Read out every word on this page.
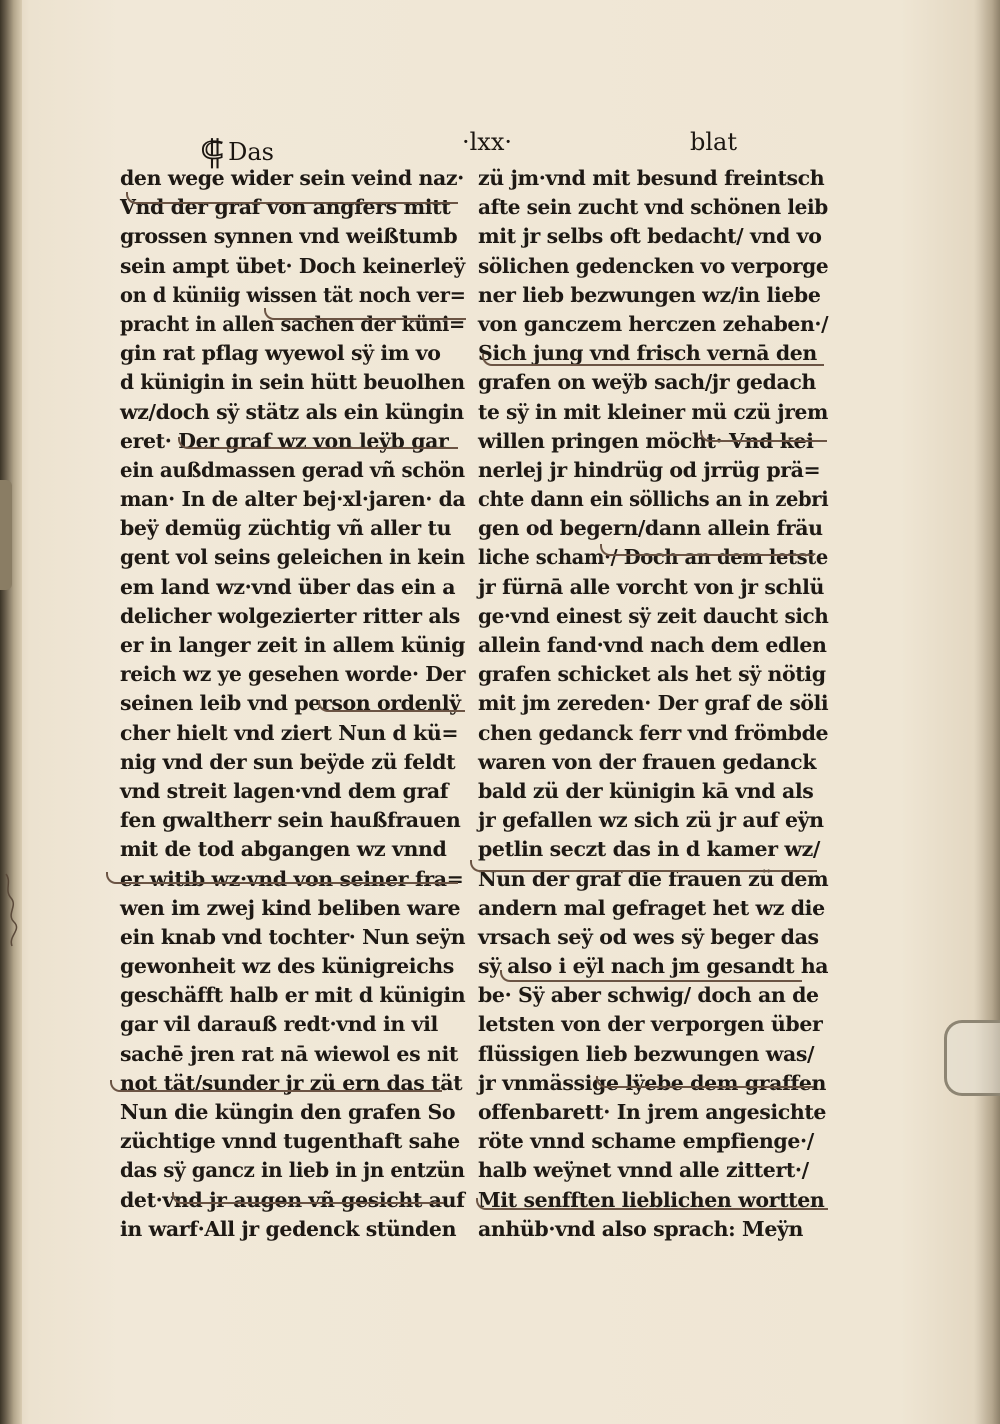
⸿ Das	·lxx·	blat
den wege wider sein veind naz·
Vnd der graf von angfers mitt
grossen synnen vnd weißtumb
sein ampt übet· Doch keinerleÿ
on d küniig wissen tät noch ver=
pracht in allen sachen der küni=
gin rat pflag wyewol sÿ im vo
d künigin in sein hütt beuolhen
wz/doch sÿ stätz als ein küngin
eret· Der graf wz von leÿb gar
ein außdmassen gerad vñ schön
man· In de alter bej·xl·jaren· da
beÿ demüg züchtig vñ aller tu
gent vol seins geleichen in kein
em land wz·vnd über das ein a
delicher wolgezierter ritter als
er in langer zeit in allem künig
reich wz ye gesehen worde· Der
seinen leib vnd person ordenlÿ
cher hielt vnd ziert Nun d kü=
nig vnd der sun beÿde zü feldt
vnd streit lagen·vnd dem graf
fen gwaltherr sein haußfrauen
mit de tod abgangen wz vnnd
er witib wz·vnd von seiner fra=
wen im zwej kind beliben ware
ein knab vnd tochter· Nun seÿn
gewonheit wz des künigreichs
geschäfft halb er mit d künigin
gar vil darauß redt·vnd in vil
sachē jren rat nā wiewol es nit
not tät/sunder jr zü ern das tät
Nun die küngin den grafen So
züchtige vnnd tugenthaft sahe
das sÿ gancz in lieb in jn entzün
det·vnd jr augen vñ gesicht auf
in warf·All jr gedenck stünden
zü jm·vnd mit besund freintsch
afte sein zucht vnd schönen leib
mit jr selbs oft bedacht/ vnd vo
sölichen gedencken vo verporge
ner lieb bezwungen wz/in liebe
von ganczem herczen zehaben·/
Sich jung vnd frisch vernā den
grafen on weÿb sach/jr gedach
te sÿ in mit kleiner mü czü jrem
willen pringen möcht· Vnd kei
nerlej jr hindrüg od jrrüg prä=
chte dann ein söllichs an in zebri
gen od begern/dann allein fräu
liche scham·/ Doch an dem letste
jr fürnā alle vorcht von jr schlü
ge·vnd einest sÿ zeit daucht sich
allein fand·vnd nach dem edlen
grafen schicket als het sÿ nötig
mit jm zereden· Der graf de söli
chen gedanck ferr vnd frömbde
waren von der frauen gedanck
bald zü der künigin kā vnd als
jr gefallen wz sich zü jr auf eÿn
petlin seczt das in d kamer wz/
Nun der graf die frauen zü dem
andern mal gefraget het wz die
vrsach seÿ od wes sÿ beger das
sÿ also i eÿl nach jm gesandt ha
be· Sÿ aber schwig/ doch an de
letsten von der verporgen über
flüssigen lieb bezwungen was/
jr vnmässige lÿebe dem graffen
offenbarett· In jrem angesichte
röte vnnd schame empfienge·/
halb weÿnet vnnd alle zittert·/
Mit senfften lieblichen wortten
anhüb·vnd also sprach: Meÿn
